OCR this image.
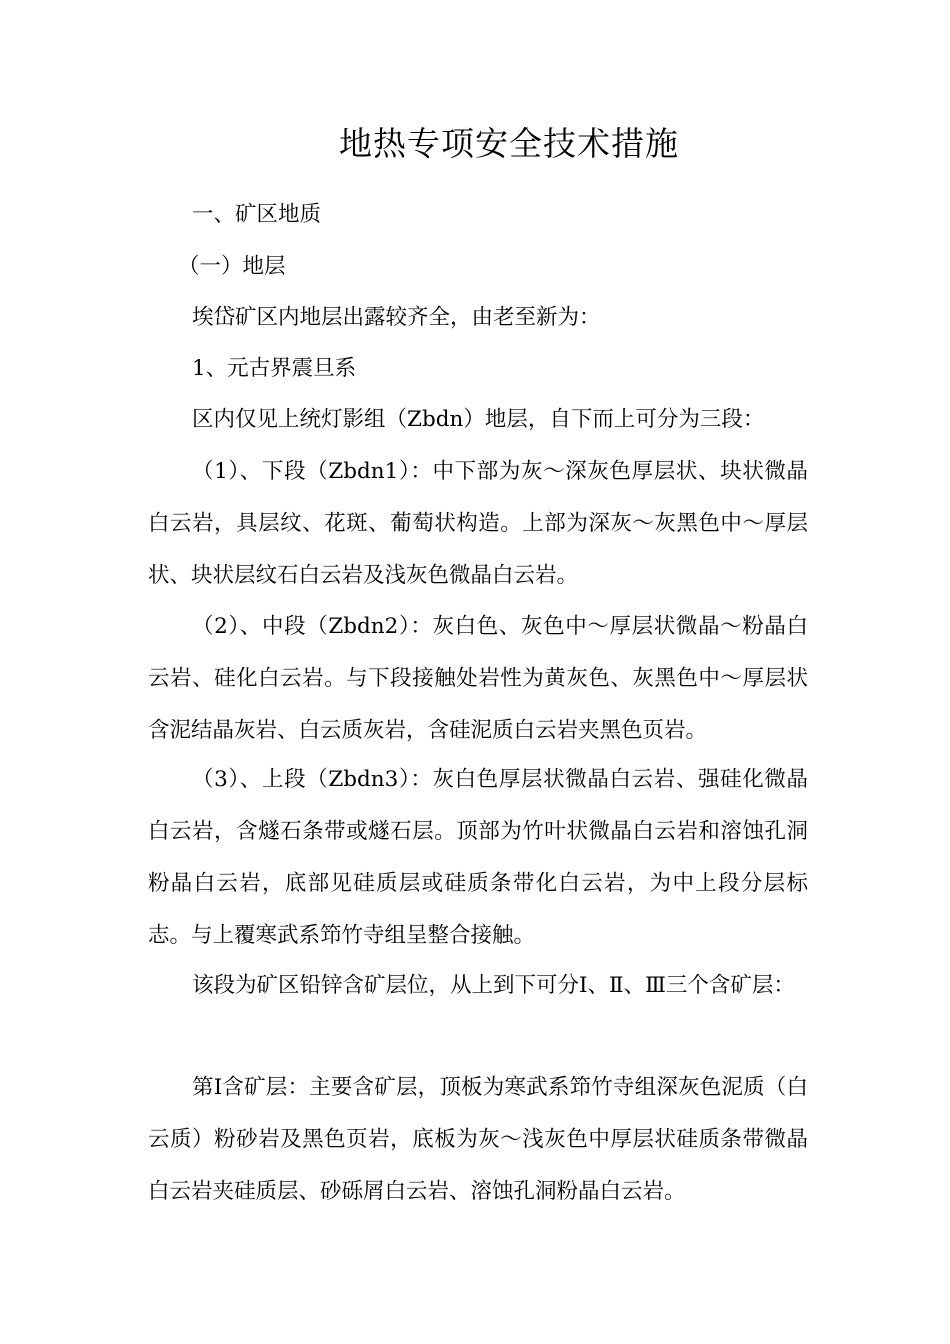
地热专项安全技术措施

一、矿区地质

（一）地层

埃岱矿区内地层出露较齐全，由老至新为：

1、元古界震旦系

区内仅见上统灯影组（Zbdn）地层，自下而上可分为三段：

（1）、下段（Zbdn1）：中下部为灰～深灰色厚层状、块状微晶白云岩，具层纹、花斑、葡萄状构造。上部为深灰～灰黑色中～厚层状、块状层纹石白云岩及浅灰色微晶白云岩。

（2）、中段（Zbdn2）：灰白色、灰色中～厚层状微晶～粉晶白云岩、硅化白云岩。与下段接触处岩性为黄灰色、灰黑色中～厚层状含泥结晶灰岩、白云质灰岩，含硅泥质白云岩夹黑色页岩。

（3）、上段（Zbdn3）：灰白色厚层状微晶白云岩、强硅化微晶白云岩，含燧石条带或燧石层。顶部为竹叶状微晶白云岩和溶蚀孔洞粉晶白云岩，底部见硅质层或硅质条带化白云岩，为中上段分层标志。与上覆寒武系笻竹寺组呈整合接触。

该段为矿区铅锌含矿层位，从上到下可分Ⅰ、Ⅱ、Ⅲ三个含矿层：

第Ⅰ含矿层：主要含矿层，顶板为寒武系笻竹寺组深灰色泥质（白云质）粉砂岩及黑色页岩，底板为灰～浅灰色中厚层状硅质条带微晶白云岩夹硅质层、砂砾屑白云岩、溶蚀孔洞粉晶白云岩。
